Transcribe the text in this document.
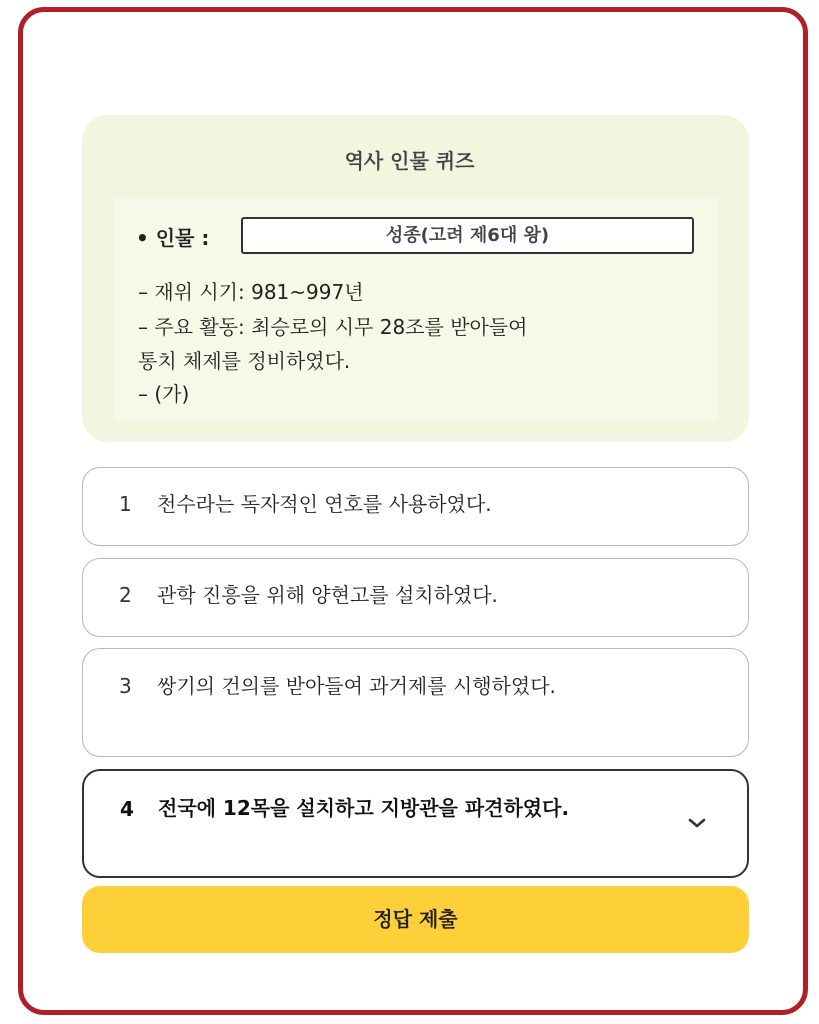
역사 인물 퀴즈
• 인물 :	성종(고려 제6대 왕)
– 재위 시기: 981~997년
– 주요 활동: 최승로의 시무 28조를 받아들여
통치 체제를 정비하였다.
– (가)
1 천수라는 독자적인 연호를 사용하였다.
2 관학 진흥을 위해 양현고를 설치하였다.
3 쌍기의 건의를 받아들여 과거제를 시행하였다.
4 전국에 12목을 설치하고 지방관을 파견하였다.
정답 제출
